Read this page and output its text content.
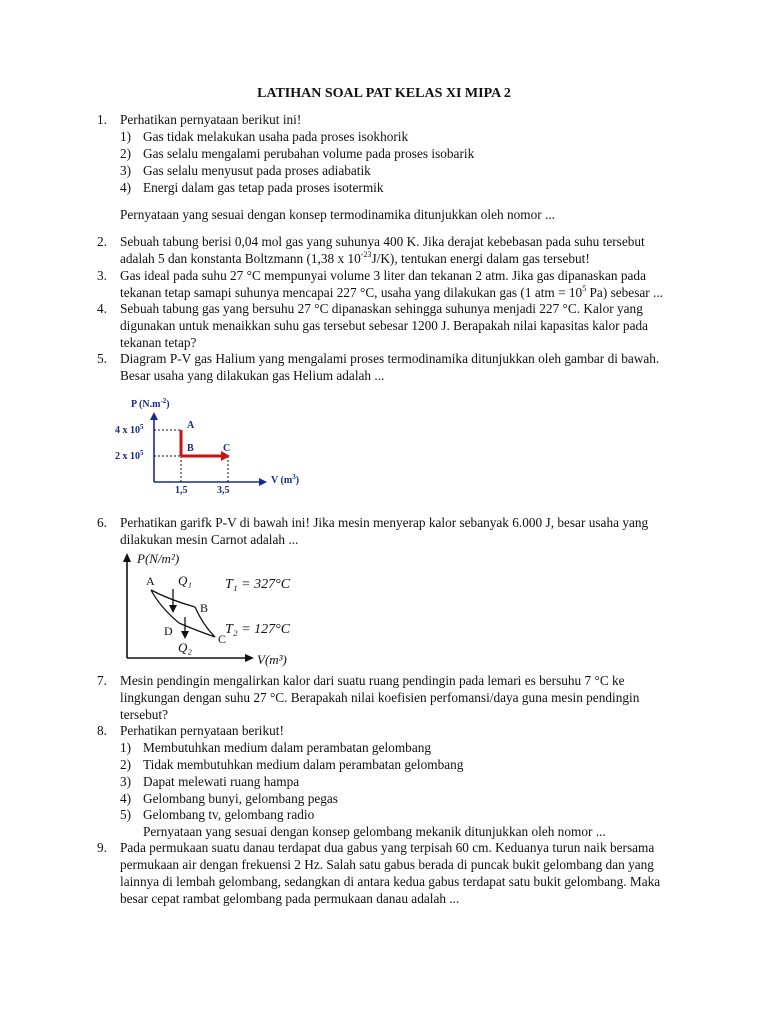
LATIHAN SOAL PAT KELAS XI MIPA 2
1. Perhatikan pernyataan berikut ini!
1) Gas tidak melakukan usaha pada proses isokhorik
2) Gas selalu mengalami perubahan volume pada proses isobarik
3) Gas selalu menyusut pada proses adiabatik
4) Energi dalam gas tetap pada proses isotermik
Pernyataan yang sesuai dengan konsep termodinamika ditunjukkan oleh nomor ...
2. Sebuah tabung berisi 0,04 mol gas yang suhunya 400 K. Jika derajat kebebasan pada suhu tersebut
adalah 5 dan konstanta Boltzmann (1,38 x $10^{-23}J/K$), tentukan energi dalam gas tersebut!
3. Gas ideal pada suhu 27 °C mempunyai volume 3 liter dan tekanan 2 atm. Jika gas dipanaskan pada
tekanan tetap samapi suhunya mencapai 227 °C, usaha yang dilakukan gas (1 atm = $10^5$ Pa) sebesar ...
4. Sebuah tabung gas yang bersuhu 27 °C dipanaskan sehingga suhunya menjadi 227 °C. Kalor yang
digunakan untuk menaikkan suhu gas tersebut sebesar 1200 J. Berapakah nilai kapasitas kalor pada
tekanan tetap?
5. Diagram P-V gas Halium yang mengalami proses termodinamika ditunjukkan oleh gambar di bawah.
Besar usaha yang dilakukan gas Helium adalah ...
P $(N.m^{-2})$
4 x $10^5$
2 x $10^5$
A
B	C
1,5	3,5
V $(m^3)$
6. Perhatikan garifk P-V di bawah ini! Jika mesin menyerap kalor sebanyak 6.000 J, besar usaha yang
dilakukan mesin Carnot adalah ...
P(N/m²)
V(m³)
Q₁
Q₂
T₁ = 327°C
T₂ = 127°C
A
B
C
D
7. Mesin pendingin mengalirkan kalor dari suatu ruang pendingin pada lemari es bersuhu 7 °C ke
lingkungan dengan suhu 27 °C. Berapakah nilai koefisien perfomansi/daya guna mesin pendingin
tersebut?
8. Perhatikan pernyataan berikut!
1) Membutuhkan medium dalam perambatan gelombang
2) Tidak membutuhkan medium dalam perambatan gelombang
3) Dapat melewati ruang hampa
4) Gelombang bunyi, gelombang pegas
5) Gelombang tv, gelombang radio
Pernyataan yang sesuai dengan konsep gelombang mekanik ditunjukkan oleh nomor ...
9. Pada permukaan suatu danau terdapat dua gabus yang terpisah 60 cm. Keduanya turun naik bersama
permukaan air dengan frekuensi 2 Hz. Salah satu gabus berada di puncak bukit gelombang dan yang
lainnya di lembah gelombang, sedangkan di antara kedua gabus terdapat satu bukit gelombang. Maka
besar cepat rambat gelombang pada permukaan danau adalah ...
